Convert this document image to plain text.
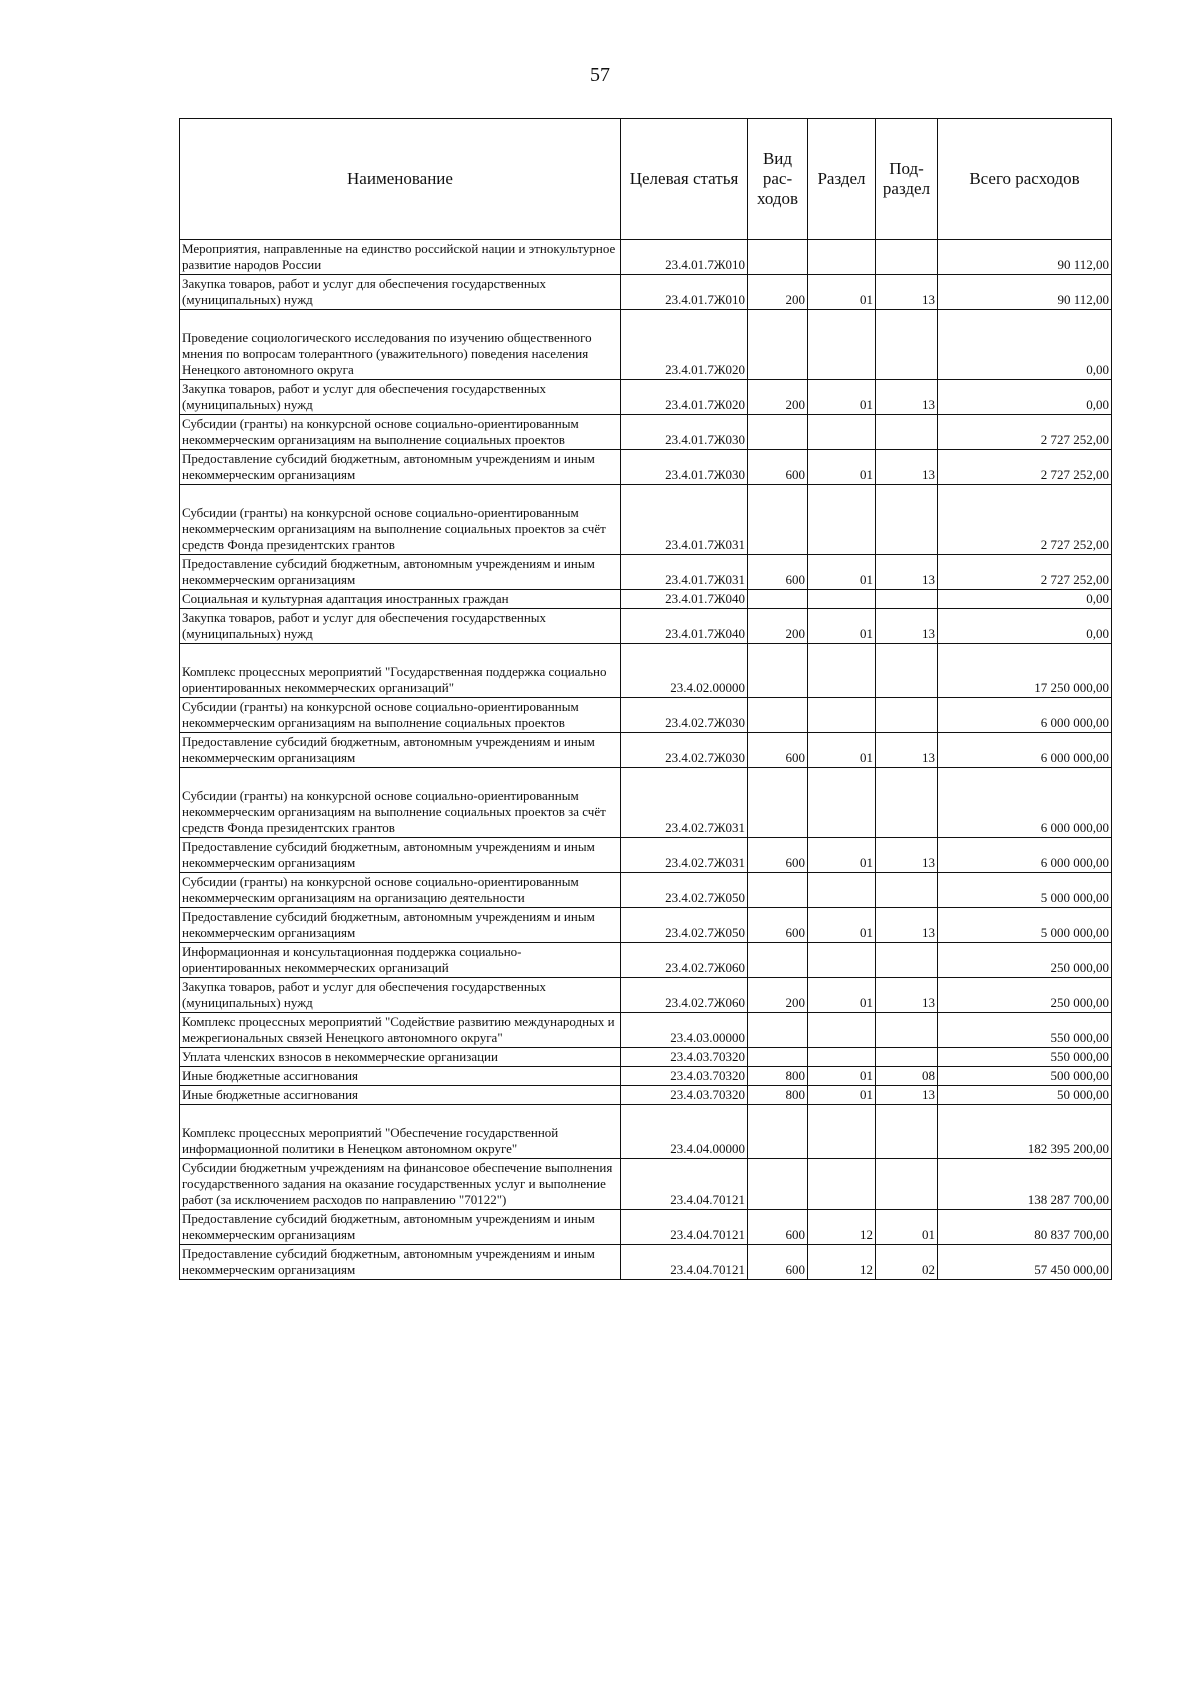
57
Наименование	Целевая статья	Вид рас-ходов	Раздел	Под-раздел	Всего расходов
Мероприятия, направленные на единство российской нации и этнокультурное развитие народов России	23.4.01.7Ж010				90 112,00
Закупка товаров, работ и услуг для обеспечения государственных (муниципальных) нужд	23.4.01.7Ж010	200	01	13	90 112,00
Проведение социологического исследования по изучению общественного мнения по вопросам толерантного (уважительного) поведения населения Ненецкого автономного округа	23.4.01.7Ж020				0,00
Закупка товаров, работ и услуг для обеспечения государственных (муниципальных) нужд	23.4.01.7Ж020	200	01	13	0,00
Субсидии (гранты) на конкурсной основе социально-ориентированным некоммерческим организациям на выполнение социальных проектов	23.4.01.7Ж030				2 727 252,00
Предоставление субсидий бюджетным, автономным учреждениям и иным некоммерческим организациям	23.4.01.7Ж030	600	01	13	2 727 252,00
Субсидии (гранты) на конкурсной основе социально-ориентированным некоммерческим организациям на выполнение социальных проектов за счёт средств Фонда президентских грантов	23.4.01.7Ж031				2 727 252,00
Предоставление субсидий бюджетным, автономным учреждениям и иным некоммерческим организациям	23.4.01.7Ж031	600	01	13	2 727 252,00
Социальная и культурная адаптация иностранных граждан	23.4.01.7Ж040				0,00
Закупка товаров, работ и услуг для обеспечения государственных (муниципальных) нужд	23.4.01.7Ж040	200	01	13	0,00
Комплекс процессных мероприятий "Государственная поддержка социально ориентированных некоммерческих организаций"	23.4.02.00000				17 250 000,00
Субсидии (гранты) на конкурсной основе социально-ориентированным некоммерческим организациям на выполнение социальных проектов	23.4.02.7Ж030				6 000 000,00
Предоставление субсидий бюджетным, автономным учреждениям и иным некоммерческим организациям	23.4.02.7Ж030	600	01	13	6 000 000,00
Субсидии (гранты) на конкурсной основе социально-ориентированным некоммерческим организациям на выполнение социальных проектов за счёт средств Фонда президентских грантов	23.4.02.7Ж031				6 000 000,00
Предоставление субсидий бюджетным, автономным учреждениям и иным некоммерческим организациям	23.4.02.7Ж031	600	01	13	6 000 000,00
Субсидии (гранты) на конкурсной основе социально-ориентированным некоммерческим организациям на организацию деятельности	23.4.02.7Ж050				5 000 000,00
Предоставление субсидий бюджетным, автономным учреждениям и иным некоммерческим организациям	23.4.02.7Ж050	600	01	13	5 000 000,00
Информационная и консультационная поддержка социально-ориентированных некоммерческих организаций	23.4.02.7Ж060				250 000,00
Закупка товаров, работ и услуг для обеспечения государственных (муниципальных) нужд	23.4.02.7Ж060	200	01	13	250 000,00
Комплекс процессных мероприятий "Содействие развитию международных и межрегиональных связей Ненецкого автономного округа"	23.4.03.00000				550 000,00
Уплата членских взносов в некоммерческие организации	23.4.03.70320				550 000,00
Иные бюджетные ассигнования	23.4.03.70320	800	01	08	500 000,00
Иные бюджетные ассигнования	23.4.03.70320	800	01	13	50 000,00
Комплекс процессных мероприятий "Обеспечение государственной информационной политики в Ненецком автономном округе"	23.4.04.00000				182 395 200,00
Субсидии бюджетным учреждениям на финансовое обеспечение выполнения государственного задания на оказание государственных услуг и выполнение работ (за исключением расходов по направлению "70122")	23.4.04.70121				138 287 700,00
Предоставление субсидий бюджетным, автономным учреждениям и иным некоммерческим организациям	23.4.04.70121	600	12	01	80 837 700,00
Предоставление субсидий бюджетным, автономным учреждениям и иным некоммерческим организациям	23.4.04.70121	600	12	02	57 450 000,00
